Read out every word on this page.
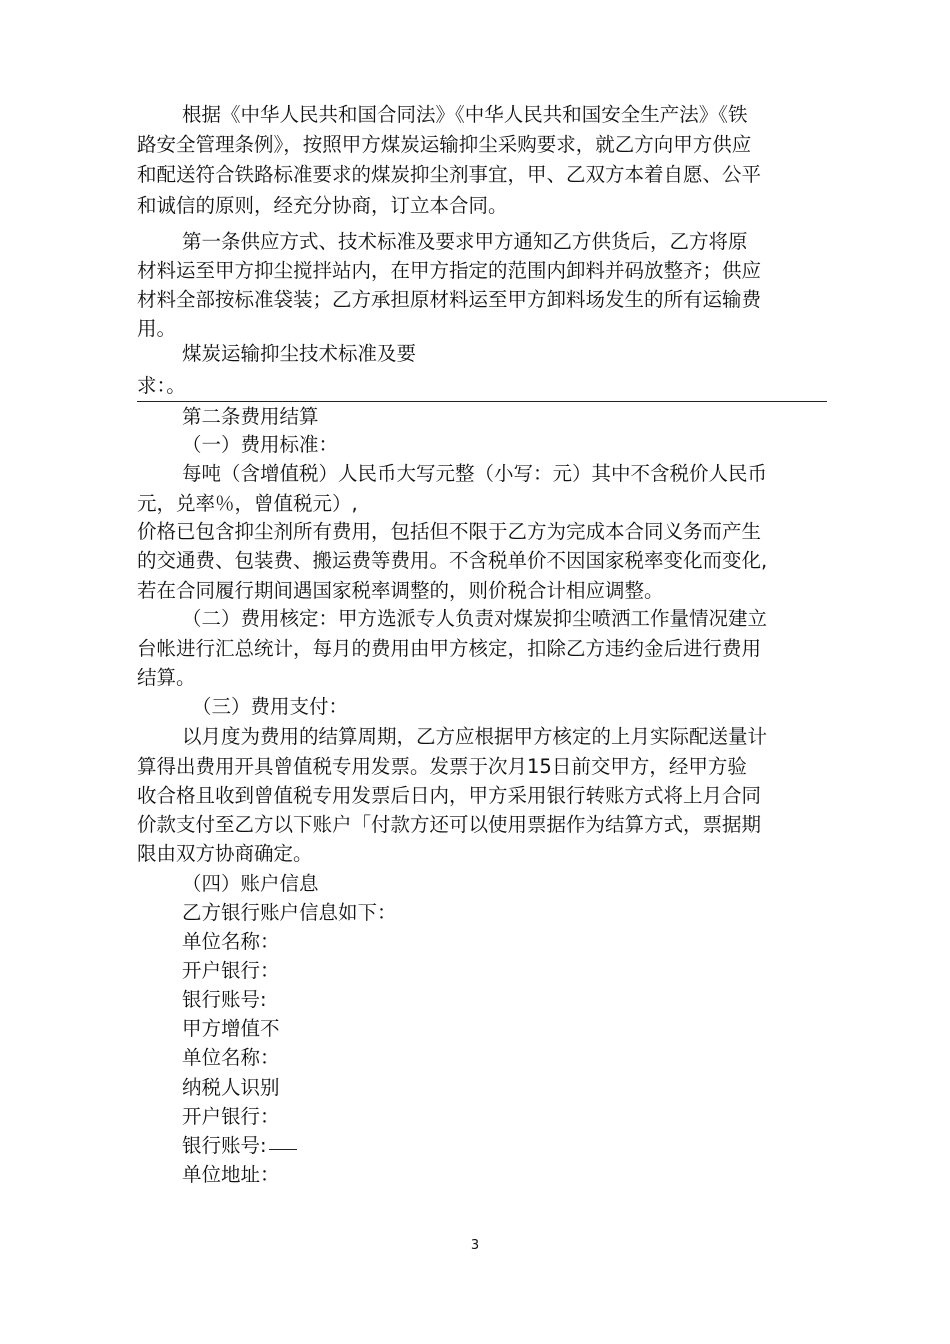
根据《中华人民共和国合同法》《中华人民共和国安全生产法》《铁
路安全管理条例》，按照甲方煤炭运输抑尘采购要求，就乙方向甲方供应
和配送符合铁路标准要求的煤炭抑尘剂事宜，甲、乙双方本着自愿、公平
和诚信的原则，经充分协商，订立本合同。
第一条供应方式、技术标准及要求甲方通知乙方供货后，乙方将原
材料运至甲方抑尘搅拌站内，在甲方指定的范围内卸料并码放整齐；供应
材料全部按标准袋装；乙方承担原材料运至甲方卸料场发生的所有运输费
用。
煤炭运输抑尘技术标准及要
求：。
第二条费用结算
（一）费用标准：
每吨（含增值税）人民币大写元整（小写：元）其中不含税价人民币
元，兑率％，曾值税元）,
价格已包含抑尘剂所有费用，包括但不限于乙方为完成本合同义务而产生
的交通费、包装费、搬运费等费用。不含税单价不因国家税率变化而变化,
若在合同履行期间遇国家税率调整的，则价税合计相应调整。
（二）费用核定：甲方选派专人负责对煤炭抑尘喷洒工作量情况建立
台帐进行汇总统计，每月的费用由甲方核定，扣除乙方违约金后进行费用
结算。
（三）费用支付：
以月度为费用的结算周期，乙方应根据甲方核定的上月实际配送量计
算得出费用开具曾值税专用发票。发票于次月15日前交甲方，经甲方验
收合格且收到曾值税专用发票后日内，甲方采用银行转账方式将上月合同
价款支付至乙方以下账户「付款方还可以使用票据作为结算方式，票据期
限由双方协商确定。
（四）账户信息
乙方银行账户信息如下：
单位名称：
开户银行：
银行账号:
甲方增值不
单位名称：
纳税人识别
开户银行：
银行账号:
单位地址：
3
